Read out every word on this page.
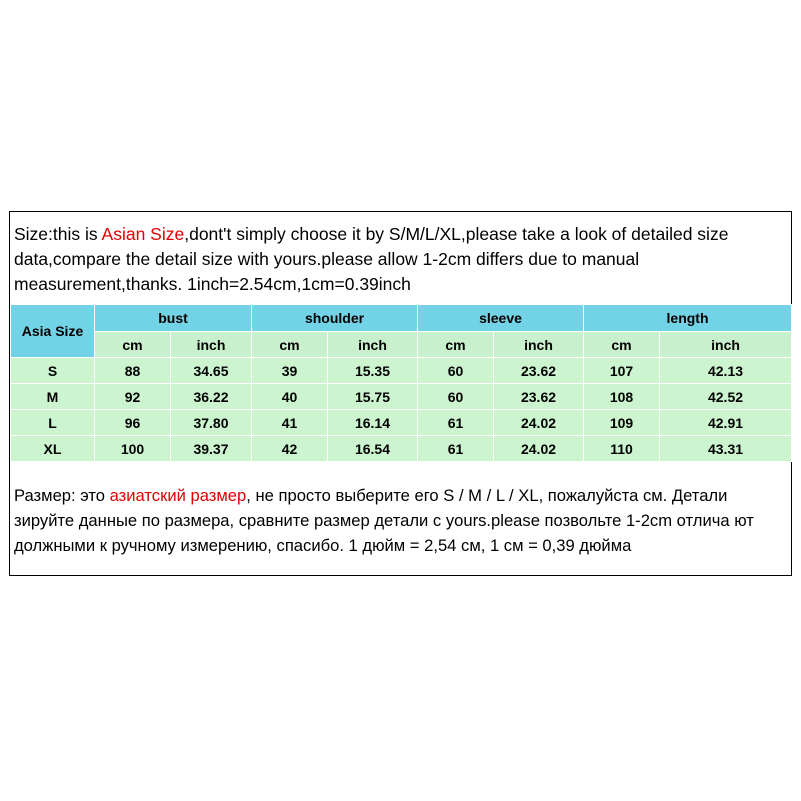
Size:this is Asian Size,dont't simply choose it by S/M/L/XL,please take a look of detailed size data,compare the detail size with yours.please allow 1-2cm differs due to manual measurement,thanks. 1inch=2.54cm,1cm=0.39inch
Asia Size	bust		shoulder		sleeve		length	
	cm	inch	cm	inch	cm	inch	cm	inch
S	88	34.65	39	15.35	60	23.62	107	42.13
M	92	36.22	40	15.75	60	23.62	108	42.52
L	96	37.80	41	16.14	61	24.02	109	42.91
XL	100	39.37	42	16.54	61	24.02	110	43.31
Размер: это азиатский размер, не просто выберите его S / M / L / XL, пожалуйста см. Детали зируйте данные по размера, сравните размер детали с yours.please позвольте 1-2cm отлича ют должными к ручному измерению, спасибо. 1 дюйм = 2,54 см, 1 см = 0,39 дюйма
